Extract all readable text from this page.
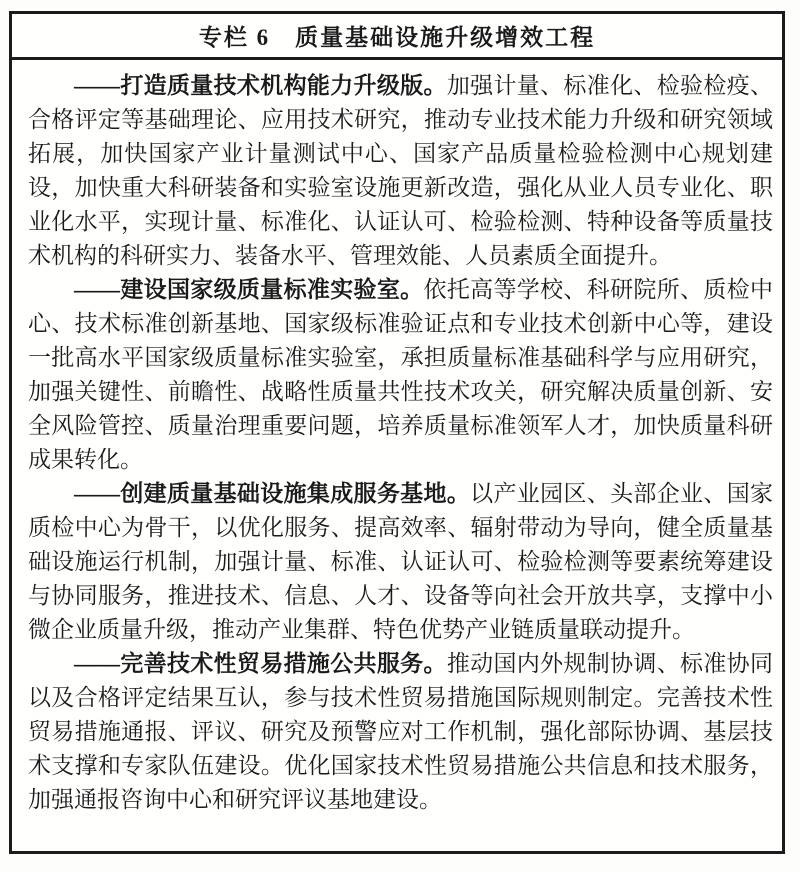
专栏 6　质量基础设施升级增效工程

——打造质量技术机构能力升级版。加强计量、标准化、检验检疫、合格评定等基础理论、应用技术研究，推动专业技术能力升级和研究领域拓展，加快国家产业计量测试中心、国家产品质量检验检测中心规划建设，加快重大科研装备和实验室设施更新改造，强化从业人员专业化、职业化水平，实现计量、标准化、认证认可、检验检测、特种设备等质量技术机构的科研实力、装备水平、管理效能、人员素质全面提升。

——建设国家级质量标准实验室。依托高等学校、科研院所、质检中心、技术标准创新基地、国家级标准验证点和专业技术创新中心等，建设一批高水平国家级质量标准实验室，承担质量标准基础科学与应用研究，加强关键性、前瞻性、战略性质量共性技术攻关，研究解决质量创新、安全风险管控、质量治理重要问题，培养质量标准领军人才，加快质量科研成果转化。

——创建质量基础设施集成服务基地。以产业园区、头部企业、国家质检中心为骨干，以优化服务、提高效率、辐射带动为导向，健全质量基础设施运行机制，加强计量、标准、认证认可、检验检测等要素统筹建设与协同服务，推进技术、信息、人才、设备等向社会开放共享，支撑中小微企业质量升级，推动产业集群、特色优势产业链质量联动提升。

——完善技术性贸易措施公共服务。推动国内外规制协调、标准协同以及合格评定结果互认，参与技术性贸易措施国际规则制定。完善技术性贸易措施通报、评议、研究及预警应对工作机制，强化部际协调、基层技术支撑和专家队伍建设。优化国家技术性贸易措施公共信息和技术服务，加强通报咨询中心和研究评议基地建设。
